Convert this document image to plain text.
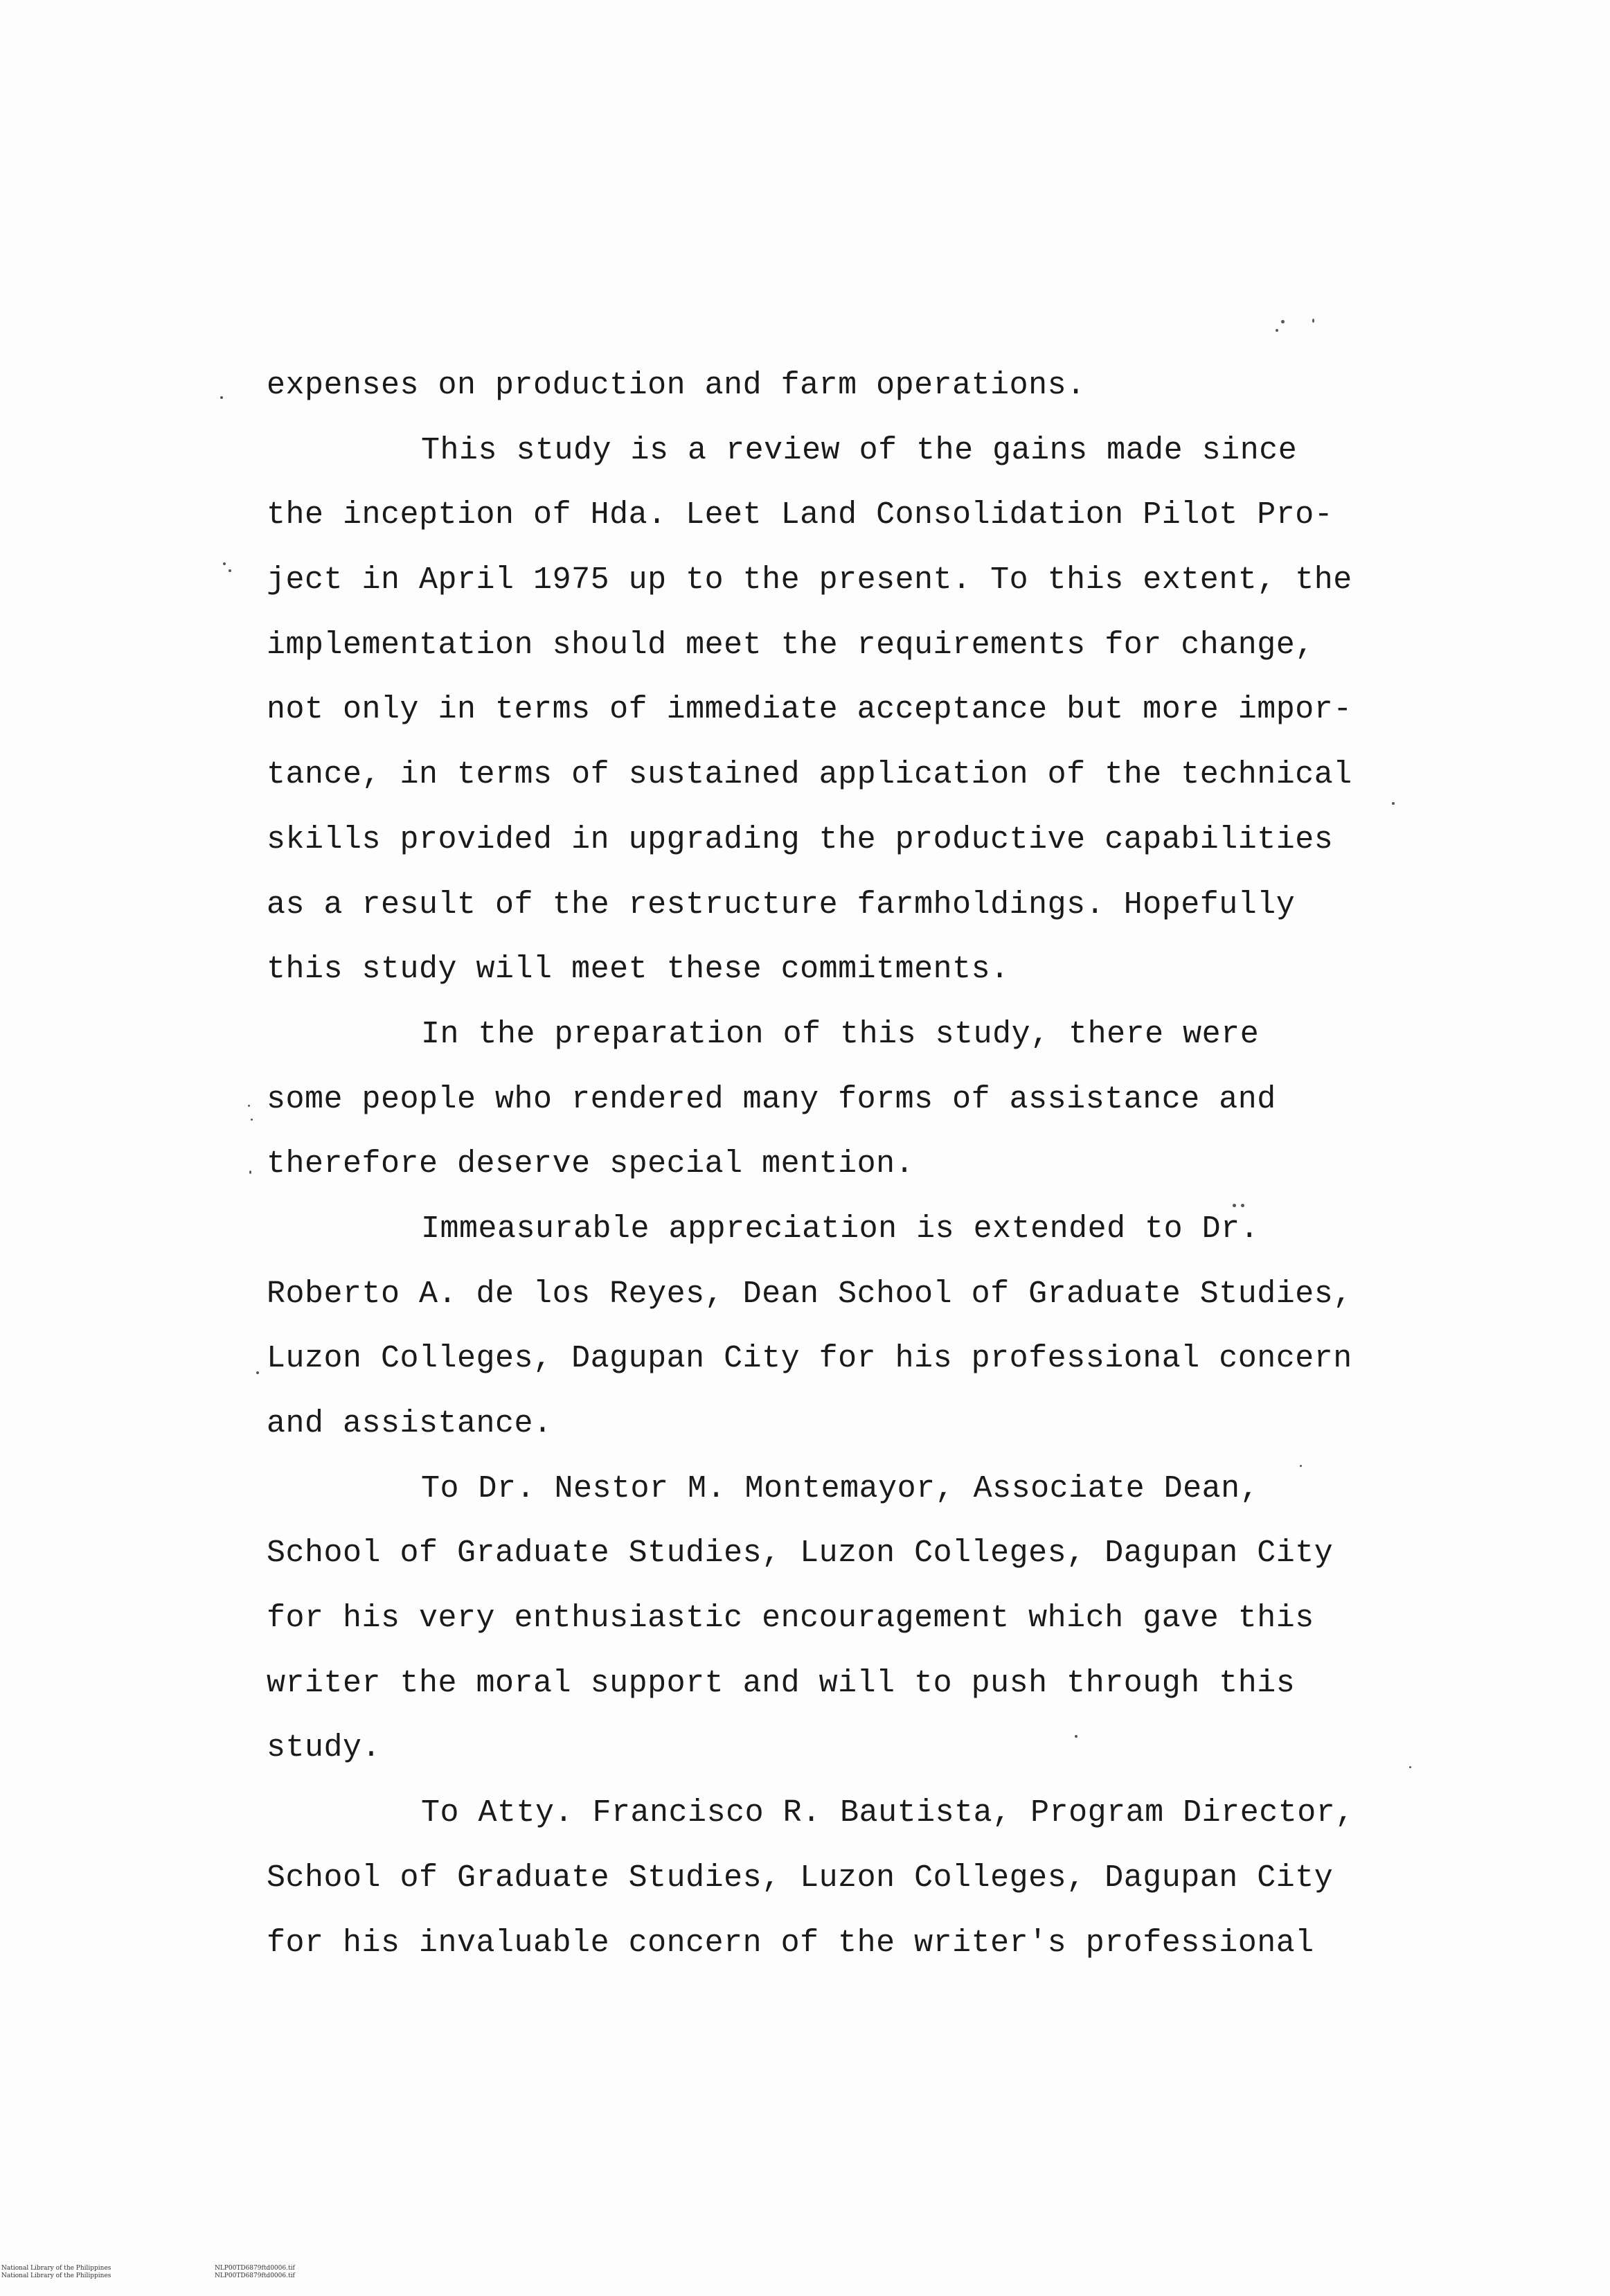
expenses on production and farm operations.
This study is a review of the gains made since
the inception of Hda. Leet Land Consolidation Pilot Pro-
ject in April 1975 up to the present. To this extent, the
implementation should meet the requirements for change,
not only in terms of immediate acceptance but more impor-
tance, in terms of sustained application of the technical
skills provided in upgrading the productive capabilities
as a result of the restructure farmholdings. Hopefully
this study will meet these commitments.
In the preparation of this study, there were
some people who rendered many forms of assistance and
therefore deserve special mention.
Immeasurable appreciation is extended to Dr.
Roberto A. de los Reyes, Dean School of Graduate Studies,
Luzon Colleges, Dagupan City for his professional concern
and assistance.
To Dr. Nestor M. Montemayor, Associate Dean,
School of Graduate Studies, Luzon Colleges, Dagupan City
for his very enthusiastic encouragement which gave this
writer the moral support and will to push through this
study.
To Atty. Francisco R. Bautista, Program Director,
School of Graduate Studies, Luzon Colleges, Dagupan City
for his invaluable concern of the writer's professional
National Library of the Philippines
National Library of the Philippines
NLP00TD6879ftd0006.tif
NLP00TD6879ftd0006.tif
